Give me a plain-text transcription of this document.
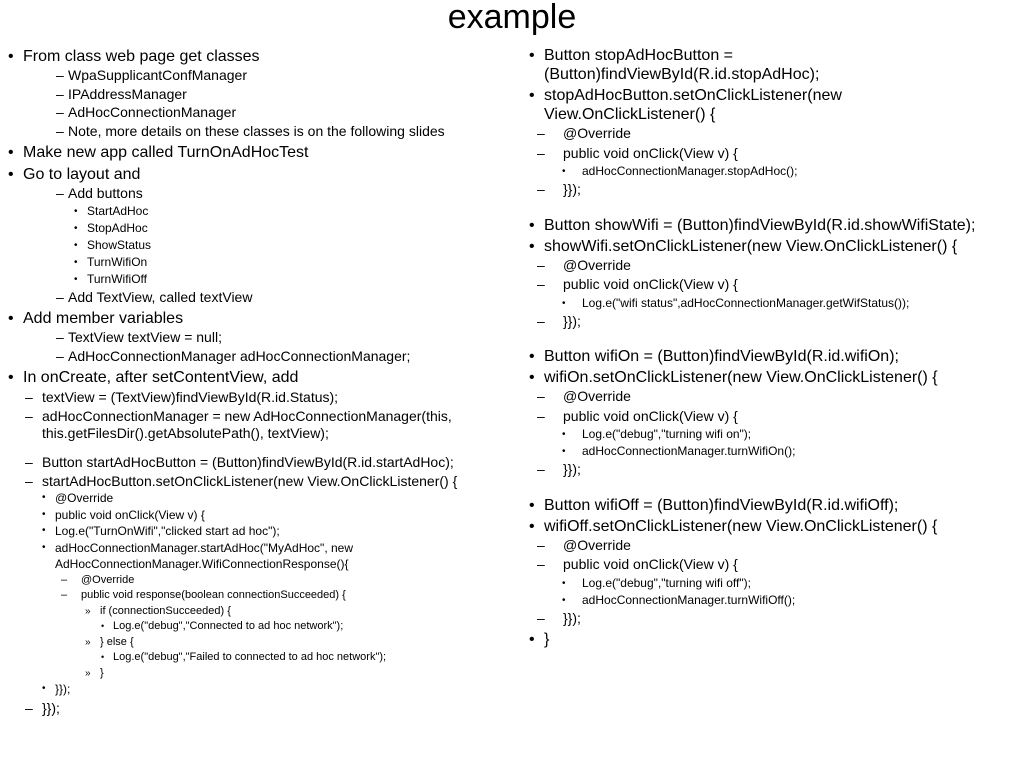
example
• From class web page get classes
– WpaSupplicantConfManager
– IPAddressManager
– AdHocConnectionManager
– Note, more details on these classes is on the following slides
• Make new app called TurnOnAdHocTest
• Go to layout and
– Add buttons
• StartAdHoc
• StopAdHoc
• ShowStatus
• TurnWifiOn
• TurnWifiOff
– Add TextView, called textView
• Add member variables
– TextView textView = null;
– AdHocConnectionManager adHocConnectionManager;
• In onCreate, after setContentView, add
– textView = (TextView)findViewById(R.id.Status);
– adHocConnectionManager = new AdHocConnectionManager(this,
this.getFilesDir().getAbsolutePath(), textView);
– Button startAdHocButton = (Button)findViewById(R.id.startAdHoc);
– startAdHocButton.setOnClickListener(new View.OnClickListener() {
• @Override
• public void onClick(View v) {
• Log.e("TurnOnWifi","clicked start ad hoc");
• adHocConnectionManager.startAdHoc("MyAdHoc", new
AdHocConnectionManager.WifiConnectionResponse(){
– @Override
– public void response(boolean connectionSucceeded) {
» if (connectionSucceeded) {
• Log.e("debug","Connected to ad hoc network");
» } else {
• Log.e("debug","Failed to connected to ad hoc network");
» }
• }});
– }});
• Button stopAdHocButton =
(Button)findViewById(R.id.stopAdHoc);
• stopAdHocButton.setOnClickListener(new
View.OnClickListener() {
– @Override
– public void onClick(View v) {
• adHocConnectionManager.stopAdHoc();
– }});
• Button showWifi = (Button)findViewById(R.id.showWifiState);
• showWifi.setOnClickListener(new View.OnClickListener() {
– @Override
– public void onClick(View v) {
• Log.e("wifi status",adHocConnectionManager.getWifStatus());
– }});
• Button wifiOn = (Button)findViewById(R.id.wifiOn);
• wifiOn.setOnClickListener(new View.OnClickListener() {
– @Override
– public void onClick(View v) {
• Log.e("debug","turning wifi on");
• adHocConnectionManager.turnWifiOn();
– }});
• Button wifiOff = (Button)findViewById(R.id.wifiOff);
• wifiOff.setOnClickListener(new View.OnClickListener() {
– @Override
– public void onClick(View v) {
• Log.e("debug","turning wifi off");
• adHocConnectionManager.turnWifiOff();
– }});
• }
